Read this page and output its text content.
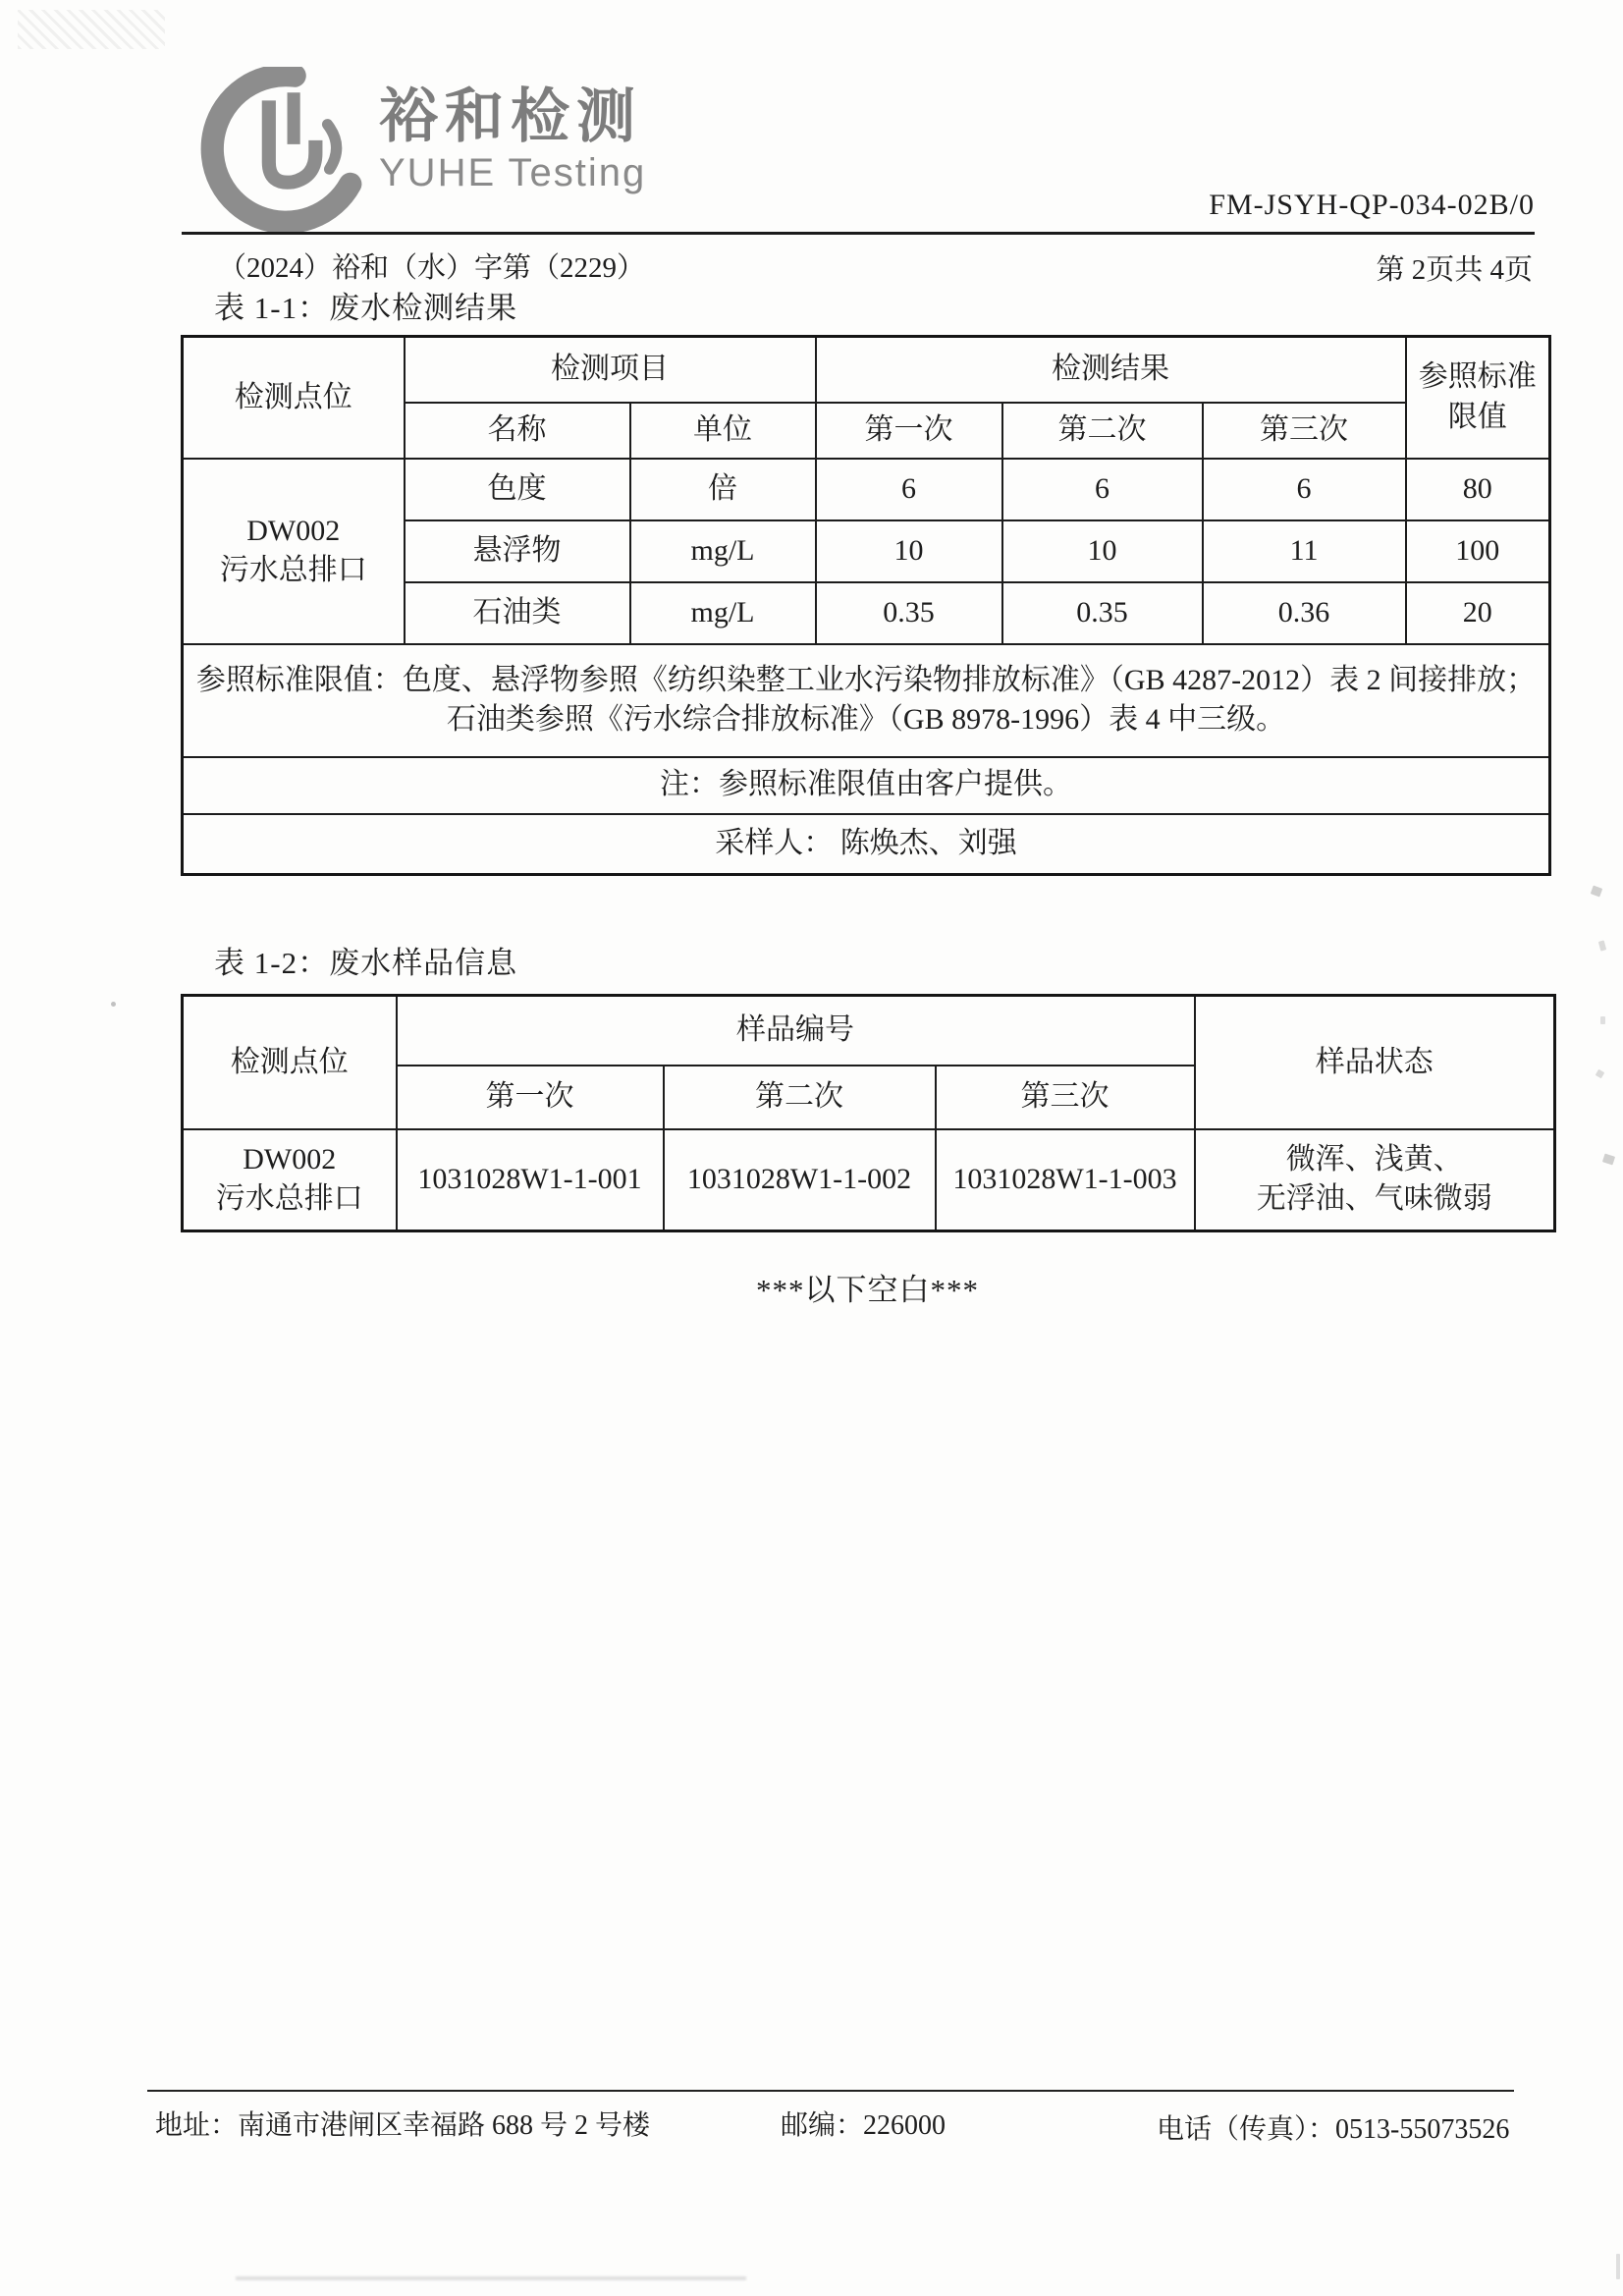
裕和检测
YUHE Testing
FM-JSYH-QP-034-02B/0
（2024）裕和（水）字第（2229）	第 2页共 4页
表 1-1：废水检测结果
检测点位	检测项目		检测结果			参照标准
限值

	名称	单位	第一次	第二次	第三次	

DW002
污水总排口	色度	倍	6	6	6	80
	悬浮物	mg/L	10	10	11	100
	石油类	mg/L	0.35	0.35	0.36	20
参照标准限值：色度、悬浮物参照《纺织染整工业水污染物排放标准》（GB 4287-2012）表 2 间接排放；石油类参照《污水综合排放标准》（GB 8978-1996）表 4 中三级。						
注：参照标准限值由客户提供。						
采样人： 陈焕杰、刘强						
表 1-2：废水样品信息
检测点位	样品编号			样品状态
	第一次	第二次	第三次	

DW002
污水总排口	1031028W1-1-001	1031028W1-1-002	1031028W1-1-003	微浑、浅黄、
无浮油、气味微弱
***以下空白***
地址：南通市港闸区幸福路 688 号 2 号楼	邮编：226000	电话（传真）：0513-55073526
